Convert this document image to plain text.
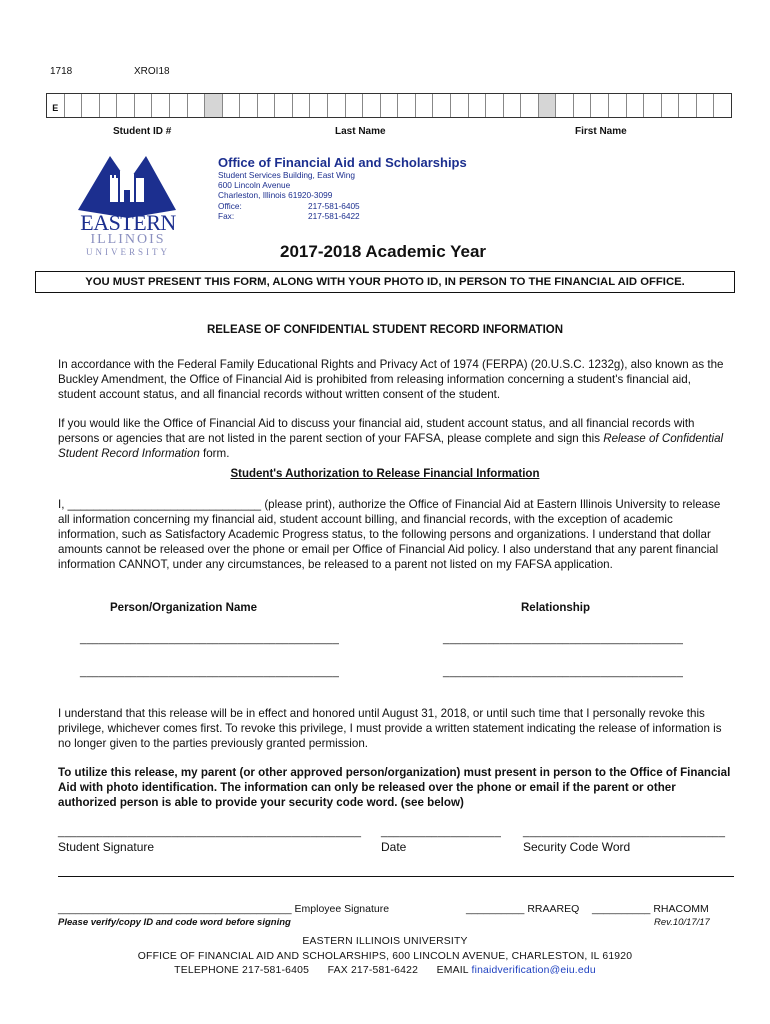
1718	XROI18
E
Student ID #	Last Name	First Name
EASTERN
ILLINOIS
UNIVERSITY
Office of Financial Aid and Scholarships
Student Services Building, East Wing
600 Lincoln Avenue
Charleston, Illinois 61920-3099
Office:	217-581-6405
Fax:	217-581-6422
2017-2018 Academic Year
YOU MUST PRESENT THIS FORM, ALONG WITH YOUR PHOTO ID, IN PERSON TO THE FINANCIAL AID OFFICE.
RELEASE OF CONFIDENTIAL STUDENT RECORD INFORMATION
In accordance with the Federal Family Educational Rights and Privacy Act of 1974 (FERPA) (20.U.S.C. 1232g), also known as the Buckley Amendment, the Office of Financial Aid is prohibited from releasing information concerning a student's financial aid, student account status, and all financial records without written consent of the student.
If you would like the Office of Financial Aid to discuss your financial aid, student account status, and all financial records with persons or agencies that are not listed in the parent section of your FAFSA, please complete and sign this Release of Confidential Student Record Information form.
Student's Authorization to Release Financial Information
I, ______________________________ (please print), authorize the Office of Financial Aid at Eastern Illinois University to release all information concerning my financial aid, student account billing, and financial records, with the exception of academic information, such as Satisfactory Academic Progress status, to the following persons and organizations. I understand that dollar amounts cannot be released over the phone or email per Office of Financial Aid policy. I also understand that any parent financial information CANNOT, under any circumstances, be released to a parent not listed on my FAFSA application.
Person/Organization Name	Relationship
_________________________________________	______________________________________
_________________________________________	______________________________________
I understand that this release will be in effect and honored until August 31, 2018, or until such time that I personally revoke this privilege, whichever comes first. To revoke this privilege, I must provide a written statement indicating the release of information is no longer given to the parties previously granted permission.
To utilize this release, my parent (or other approved person/organization) must present in person to the Office of Financial Aid with photo identification. The information can only be released over the phone or email if the parent or other authorized person is able to provide your security code word. (see below)
________________________________________________ ___________________ ________________________________
Student Signature	Date	Security Code Word
________________________________________ Employee Signature	__________ RRAAREQ __________ RHACOMM
Please verify/copy ID and code word before signing	Rev.10/17/17
EASTERN ILLINOIS UNIVERSITY
OFFICE OF FINANCIAL AID AND SCHOLARSHIPS, 600 LINCOLN AVENUE, CHARLESTON, IL 61920
TELEPHONE 217-581-6405 FAX 217-581-6422 EMAIL finaidverification@eiu.edu
